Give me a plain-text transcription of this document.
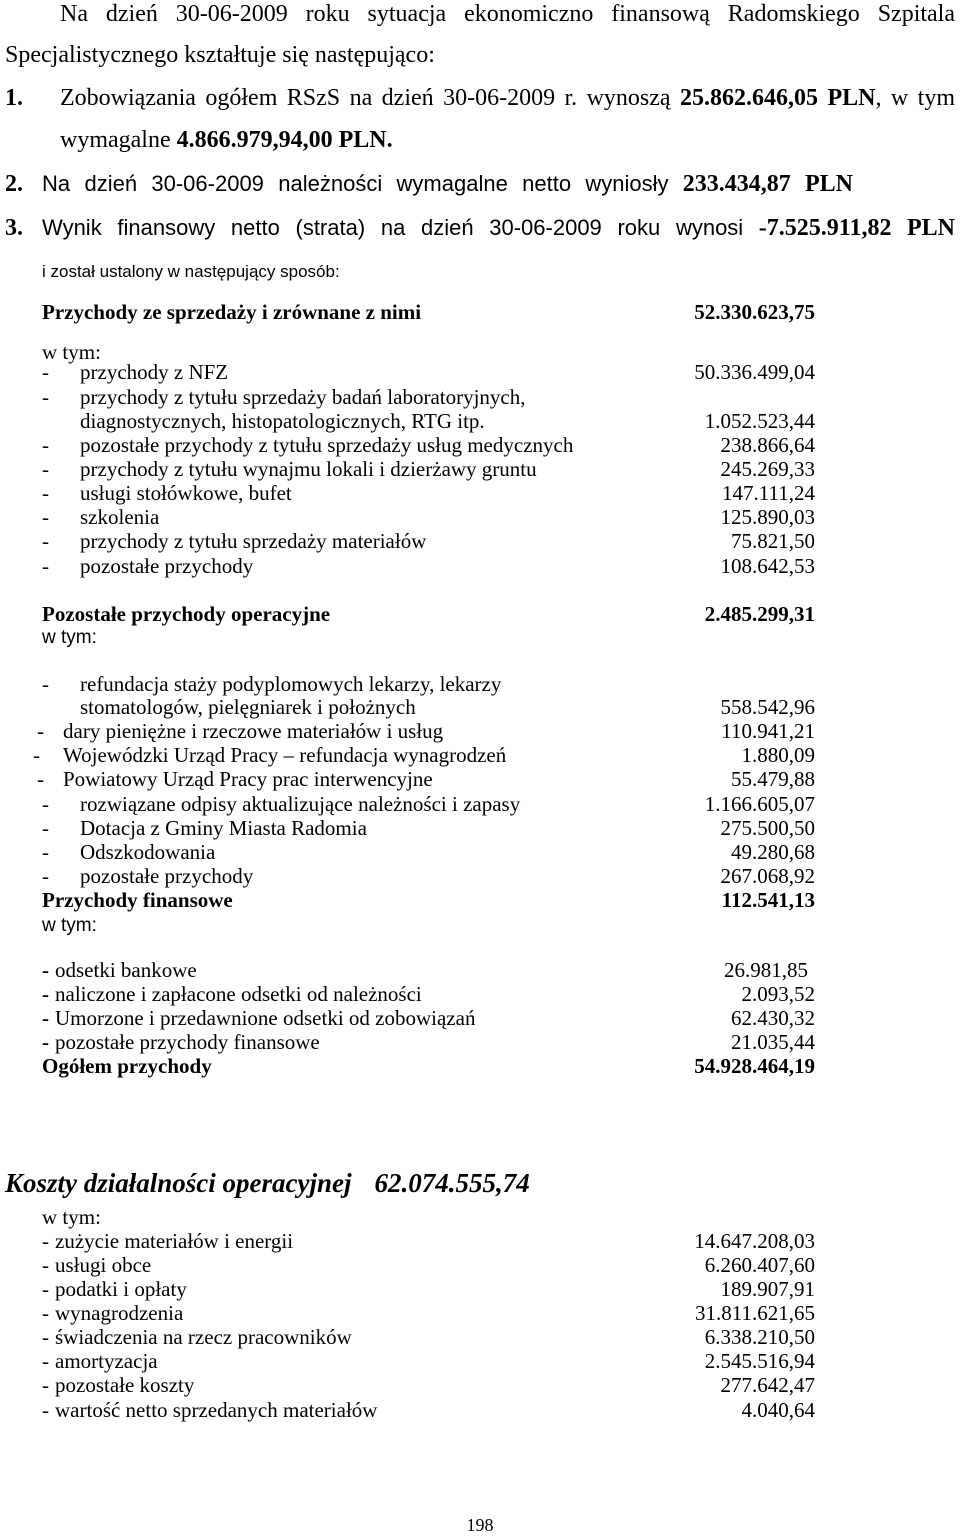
Na dzień 30-06-2009 roku sytuacja ekonomiczno finansową Radomskiego Szpitala
Specjalistycznego kształtuje się następująco:
1. Zobowiązania ogółem RSzS na dzień 30-06-2009 r. wynoszą 25.862.646,05 PLN, w tym
wymagalne 4.866.979,94,00 PLN.
2. Na dzień 30-06-2009 należności wymagalne netto wyniosły 233.434,87 PLN
3. Wynik finansowy netto (strata) na dzień 30-06-2009 roku wynosi -7.525.911,82 PLN
i został ustalony w następujący sposób:
Przychody ze sprzedaży i zrównane z nimi	52.330.623,75
w tym:
- przychody z NFZ	50.336.499,04
- przychody z tytułu sprzedaży badań laboratoryjnych,
diagnostycznych, histopatologicznych, RTG itp.	1.052.523,44
- pozostałe przychody z tytułu sprzedaży usług medycznych	238.866,64
- przychody z tytułu wynajmu lokali i dzierżawy gruntu	245.269,33
- usługi stołówkowe, bufet	147.111,24
- szkolenia	125.890,03
- przychody z tytułu sprzedaży materiałów	75.821,50
- pozostałe przychody	108.642,53
Pozostałe przychody operacyjne	2.485.299,31
w tym:
- refundacja staży podyplomowych lekarzy, lekarzy
stomatologów, pielęgniarek i położnych	558.542,96
- dary pieniężne i rzeczowe materiałów i usług	110.941,21
- Wojewódzki Urząd Pracy – refundacja wynagrodzeń	1.880,09
- Powiatowy Urząd Pracy prac interwencyjne	55.479,88
- rozwiązane odpisy aktualizujące należności i zapasy	1.166.605,07
- Dotacja z Gminy Miasta Radomia	275.500,50
- Odszkodowania	49.280,68
- pozostałe przychody	267.068,92
Przychody finansowe	112.541,13
w tym:
- odsetki bankowe	26.981,85
- naliczone i zapłacone odsetki od należności	2.093,52
- Umorzone i przedawnione odsetki od zobowiązań	62.430,32
- pozostałe przychody finansowe	21.035,44
Ogółem przychody	54.928.464,19
Koszty działalności operacyjnej 62.074.555,74
w tym:
- zużycie materiałów i energii	14.647.208,03
- usługi obce	6.260.407,60
- podatki i opłaty	189.907,91
- wynagrodzenia	31.811.621,65
- świadczenia na rzecz pracowników	6.338.210,50
- amortyzacja	2.545.516,94
- pozostałe koszty	277.642,47
- wartość netto sprzedanych materiałów	4.040,64
198
